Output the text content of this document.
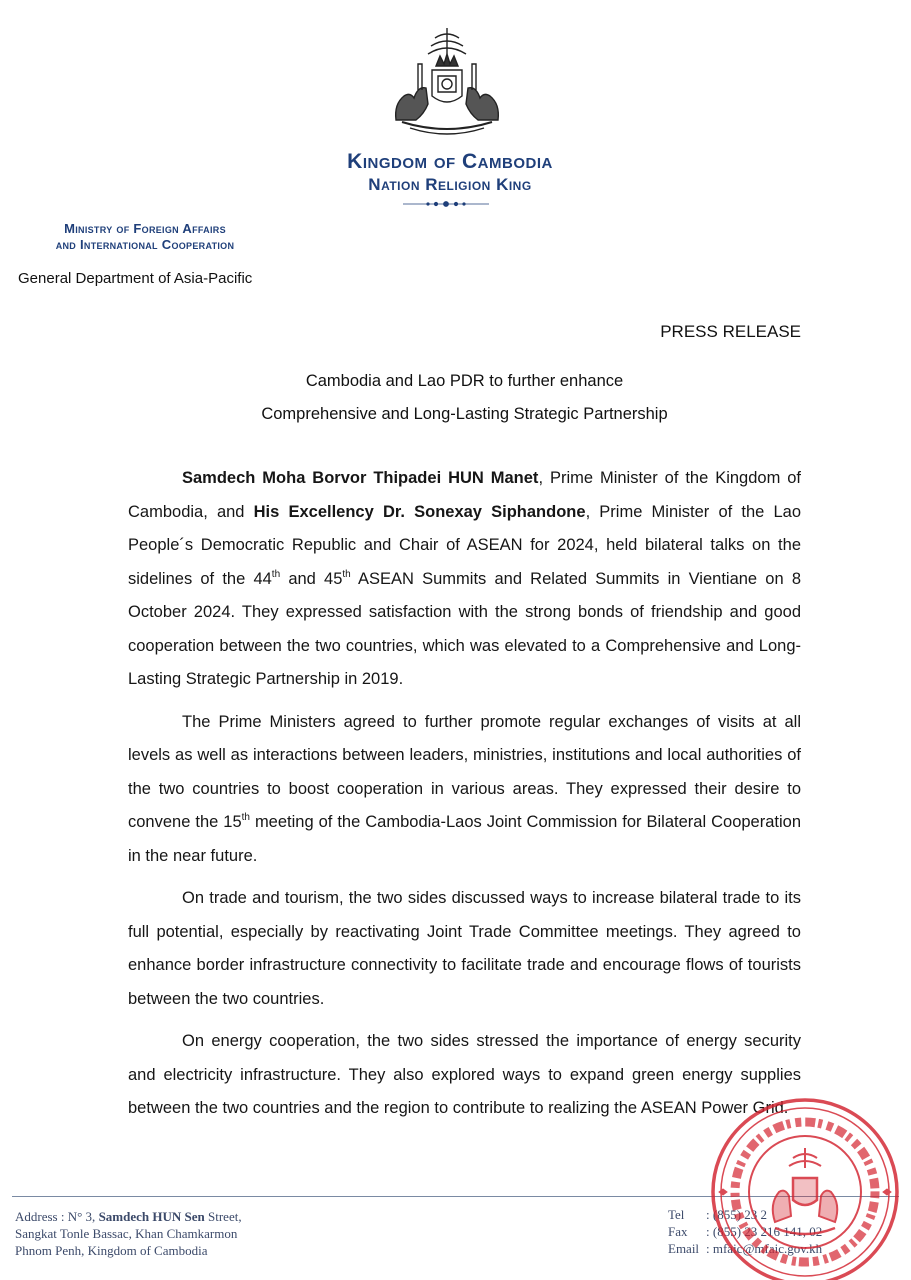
Kingdom of Cambodia
Nation Religion King
Ministry of Foreign Affairs
and International Cooperation
General Department of Asia-Pacific
PRESS RELEASE
Cambodia and Lao PDR to further enhance
Comprehensive and Long-Lasting Strategic Partnership

Samdech Moha Borvor Thipadei HUN Manet, Prime Minister of the Kingdom of Cambodia, and His Excellency Dr. Sonexay Siphandone, Prime Minister of the Lao People´s Democratic Republic and Chair of ASEAN for 2024, held bilateral talks on the sidelines of the 44th and 45th ASEAN Summits and Related Summits in Vientiane on 8 October 2024. They expressed satisfaction with the strong bonds of friendship and good cooperation between the two countries, which was elevated to a Comprehensive and Long-Lasting Strategic Partnership in 2019.

The Prime Ministers agreed to further promote regular exchanges of visits at all levels as well as interactions between leaders, ministries, institutions and local authorities of the two countries to boost cooperation in various areas. They expressed their desire to convene the 15th meeting of the Cambodia-Laos Joint Commission for Bilateral Cooperation in the near future.

On trade and tourism, the two sides discussed ways to increase bilateral trade to its full potential, especially by reactivating Joint Trade Committee meetings. They agreed to enhance border infrastructure connectivity to facilitate trade and encourage flows of tourists between the two countries.

On energy cooperation, the two sides stressed the importance of energy security and electricity infrastructure. They also explored ways to expand green energy supplies between the two countries and the region to contribute to realizing the ASEAN Power Grid.

Address : N° 3, Samdech HUN Sen Street,
Sangkat Tonle Bassac, Khan Chamkarmon
Phnom Penh, Kingdom of Cambodia
Tel : (855) 23 2
Fax : (855) 23 216 141, 02
Email : mfaic@mfaic.gov.kh
